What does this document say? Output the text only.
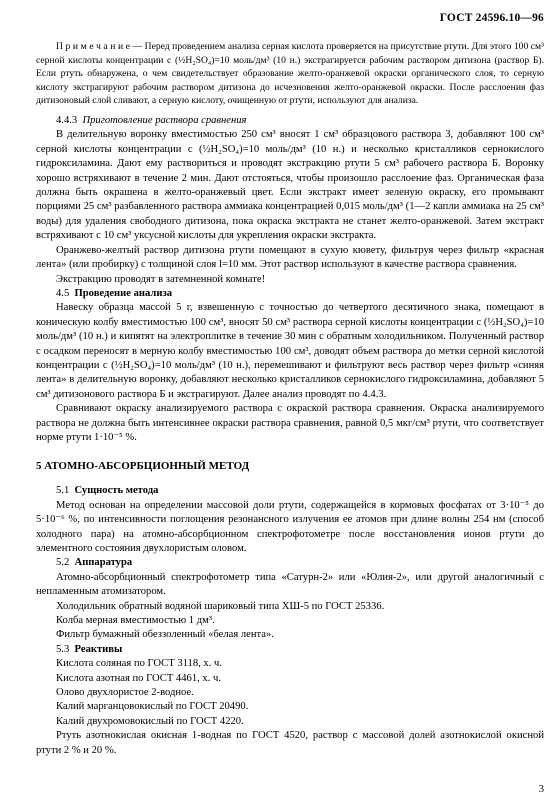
ГОСТ 24596.10—96

Примечание— Перед проведением анализа серная кислота проверяется на присутствие ртути. Для этого 100 см³ серной кислоты концентрации с (½H₂SO₄)=10 моль/дм³ (10 н.) экстрагируется рабочим раствором дитизона (раствор Б). Если ртуть обнаружена, о чем свидетельствует образование желто-оранжевой окраски органического слоя, то серную кислоту экстрагируют рабочим раствором дитизона до исчезновения желто-оранжевой окраски. После расслоения фаз дитизоновый слой сливают, а серную кислоту, очищенную от ртути, используют для анализа.

4.4.3 Приготовление раствора сравнения

В делительную воронку вместимостью 250 см³ вносят 1 см³ образцового раствора 3, добавляют 100 см³ серной кислоты концентрации с (½H₂SO₄)=10 моль/дм³ (10 н.) и несколько кристалликов сернокислого гидроксиламина. Дают ему раствориться и проводят экстракцию ртути 5 см³ рабочего раствора Б. Воронку хорошо встряхивают в течение 2 мин. Дают отстояться, чтобы произошло расслоение фаз. Органическая фаза должна быть окрашена в желто-оранжевый цвет. Если экстракт имеет зеленую окраску, его промывают порциями 25 см³ разбавленного раствора аммиака концентрацией 0,015 моль/дм³ (1—2 капли аммиака на 25 см³ воды) для удаления свободного дитизона, пока окраска экстракта не станет желто-оранжевой. Затем экстракт встряхивают с 10 см³ уксусной кислоты для укрепления окраски экстракта.

Оранжево-желтый раствор дитизона ртути помещают в сухую кювету, фильтруя через фильтр «красная лента» (или пробирку) с толщиной слоя l=10 мм. Этот раствор используют в качестве раствора сравнения.

Экстракцию проводят в затемненной комнате!

4.5 Проведение анализа

Навеску образца массой 5 г, взвешенную с точностью до четвертого десятичного знака, помещают в коническую колбу вместимостью 100 см³, вносят 50 см³ раствора серной кислоты концентрации с (½H₂SO₄)=10 моль/дм³ (10 н.) и кипятят на электроплитке в течение 30 мин с обратным холодильником. Полученный раствор с осадком переносят в мерную колбу вместимостью 100 см³, доводят объем раствора до метки серной кислотой концентрации с (½H₂SO₄)=10 моль/дм³ (10 н.), перемешивают и фильтруют весь раствор через фильтр «синяя лента» в делительную воронку, добавляют несколько кристалликов сернокислого гидроксиламина, добавляют 5 см³ дитизонового раствора Б и экстрагируют. Далее анализ проводят по 4.4.3.

Сравнивают окраску анализируемого раствора с окраской раствора сравнения. Окраска анализируемого раствора не должна быть интенсивнее окраски раствора сравнения, равной 0,5 мкг/см³ ртути, что соответствует норме ртути 1·10⁻⁵ %.

5 АТОМНО-АБСОРБЦИОННЫЙ МЕТОД

5.1 Сущность метода

Метод основан на определении массовой доли ртути, содержащейся в кормовых фосфатах от 3·10⁻⁵ до 5·10⁻⁶ %, по интенсивности поглощения резонансного излучения ее атомов при длине волны 254 нм (способ холодного пара) на атомно-абсорбционном спектрофотометре после восстановления ионов ртути до элементного состояния двухлористым оловом.

5.2 Аппаратура

Атомно-абсорбционный спектрофотометр типа «Сатурн-2» или «Юлия-2», или другой аналогичный с непламенным атомизатором.

Холодильник обратный водяной шариковый типа ХШ-5 по ГОСТ 25336.

Колба мерная вместимостью 1 дм³.

Фильтр бумажный обеззоленный «белая лента».

5.3 Реактивы

Кислота соляная по ГОСТ 3118, х. ч.

Кислота азотная по ГОСТ 4461, х. ч.

Олово двухлористое 2-водное.

Калий марганцовокислый по ГОСТ 20490.

Калий двухромовокислый по ГОСТ 4220.

Ртуть азотнокислая окисная 1-водная по ГОСТ 4520, раствор с массовой долей азотнокислой окисной ртути 2 % и 20 %.

3
